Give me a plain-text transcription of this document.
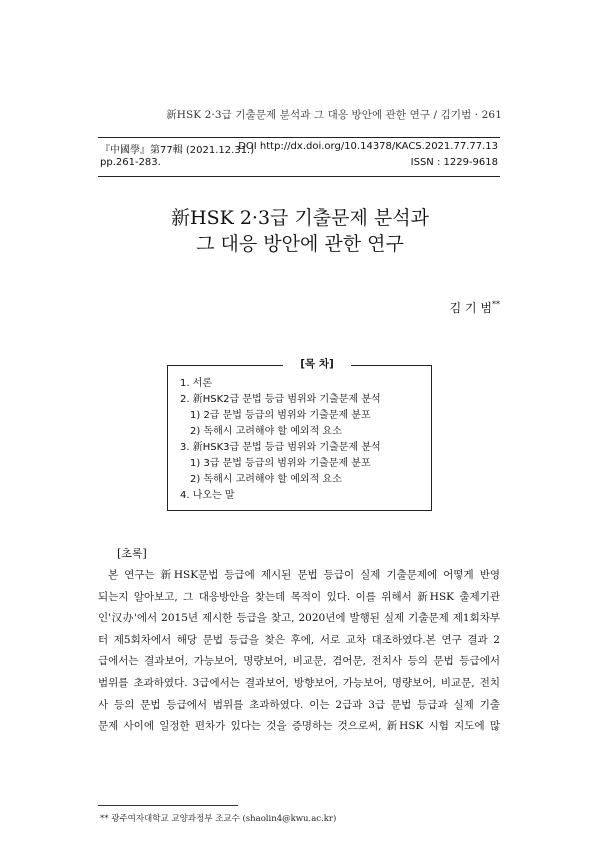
新HSK 2·3급 기출문제 분석과 그 대응 방안에 관한 연구 / 김기범 · 261
『中國學』第77輯 (2021.12.31.)
DOI http://dx.doi.org/10.14378/KACS.2021.77.77.13
pp.261-283.	ISSN : 1229-9618
新HSK 2·3급 기출문제 분석과
그 대응 방안에 관한 연구
김 기 범**
[목 차]
1. 서론
2. 新HSK2급 문법 등급 범위와 기출문제 분석
1) 2급 문법 등급의 범위와 기출문제 분포
2) 독해시 고려해야 할 예외적 요소
3. 新HSK3급 문법 등급 범위와 기출문제 분석
1) 3급 문법 등급의 범위와 기출문제 분포
2) 독해시 고려해야 할 예외적 요소
4. 나오는 말
[초록]
본 연구는 新HSK문법 등급에 제시된 문법 등급이 실제 기출문제에 어떻게 반영
되는지 알아보고, 그 대응방안을 찾는데 목적이 있다. 이를 위해서 新HSK 출제기관
인'汉办'에서 2015년 제시한 등급을 찾고, 2020년에 발행된 실제 기출문제 제1회차부
터 제5회차에서 해당 문법 등급을 찾은 후에, 서로 교차 대조하였다.본 연구 결과 2
급에서는 결과보어, 가능보어, 명량보어, 비교문, 겸어문, 전치사 등의 문법 등급에서
범위를 초과하였다. 3급에서는 결과보어, 방향보어, 가능보어, 명량보어, 비교문, 전치
사 등의 문법 등급에서 범위를 초과하였다. 이는 2급과 3급 문법 등급과 실제 기출
문제 사이에 일정한 편차가 있다는 것을 증명하는 것으로써, 新HSK 시험 지도에 많
** 광주여자대학교 교양과정부 조교수 (shaolin4@kwu.ac.kr)
